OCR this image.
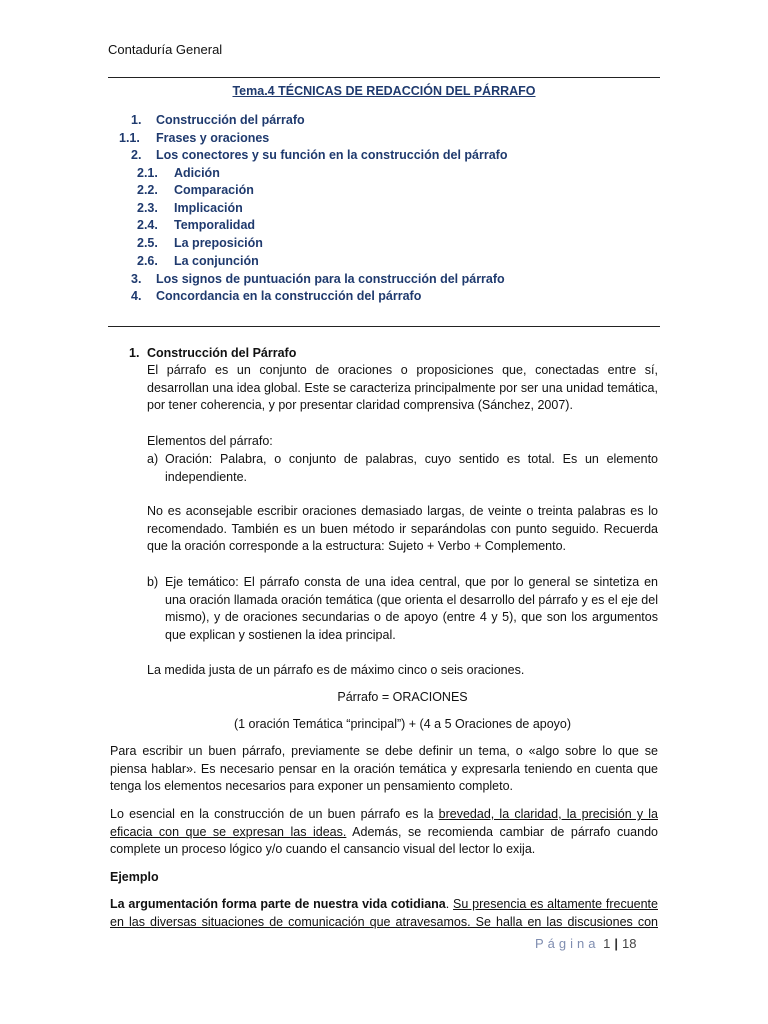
Contaduría General
Tema.4 TÉCNICAS DE REDACCIÓN DEL PÁRRAFO
1. Construcción del párrafo
1.1. Frases y oraciones
2. Los conectores y su función en la construcción del párrafo
2.1. Adición
2.2. Comparación
2.3. Implicación
2.4. Temporalidad
2.5. La preposición
2.6. La conjunción
3. Los signos de puntuación para la construcción del párrafo
4. Concordancia en la construcción del párrafo
1. Construcción del Párrafo
El párrafo es un conjunto de oraciones o proposiciones que, conectadas entre sí, desarrollan una idea global. Este se caracteriza principalmente por ser una unidad temática, por tener coherencia, y por presentar claridad comprensiva (Sánchez, 2007).
Elementos del párrafo:
a) Oración: Palabra, o conjunto de palabras, cuyo sentido es total. Es un elemento independiente.
No es aconsejable escribir oraciones demasiado largas, de veinte o treinta palabras es lo recomendado. También es un buen método ir separándolas con punto seguido. Recuerda que la oración corresponde a la estructura: Sujeto + Verbo + Complemento.
b) Eje temático: El párrafo consta de una idea central, que por lo general se sintetiza en una oración llamada oración temática (que orienta el desarrollo del párrafo y es el eje del mismo), y de oraciones secundarias o de apoyo (entre 4 y 5), que son los argumentos que explican y sostienen la idea principal.
La medida justa de un párrafo es de máximo cinco o seis oraciones.
Párrafo = ORACIONES
(1 oración Temática “principal”) + (4 a 5 Oraciones de apoyo)
Para escribir un buen párrafo, previamente se debe definir un tema, o «algo sobre lo que se piensa hablar». Es necesario pensar en la oración temática y expresarla teniendo en cuenta que tenga los elementos necesarios para exponer un pensamiento completo.
Lo esencial en la construcción de un buen párrafo es la brevedad, la claridad, la precisión y la eficacia con que se expresan las ideas. Además, se recomienda cambiar de párrafo cuando complete un proceso lógico y/o cuando el cansancio visual del lector lo exija.
Ejemplo
La argumentación forma parte de nuestra vida cotidiana. Su presencia es altamente frecuente en las diversas situaciones de comunicación que atravesamos. Se halla en las discusiones con
Página 1 | 18
